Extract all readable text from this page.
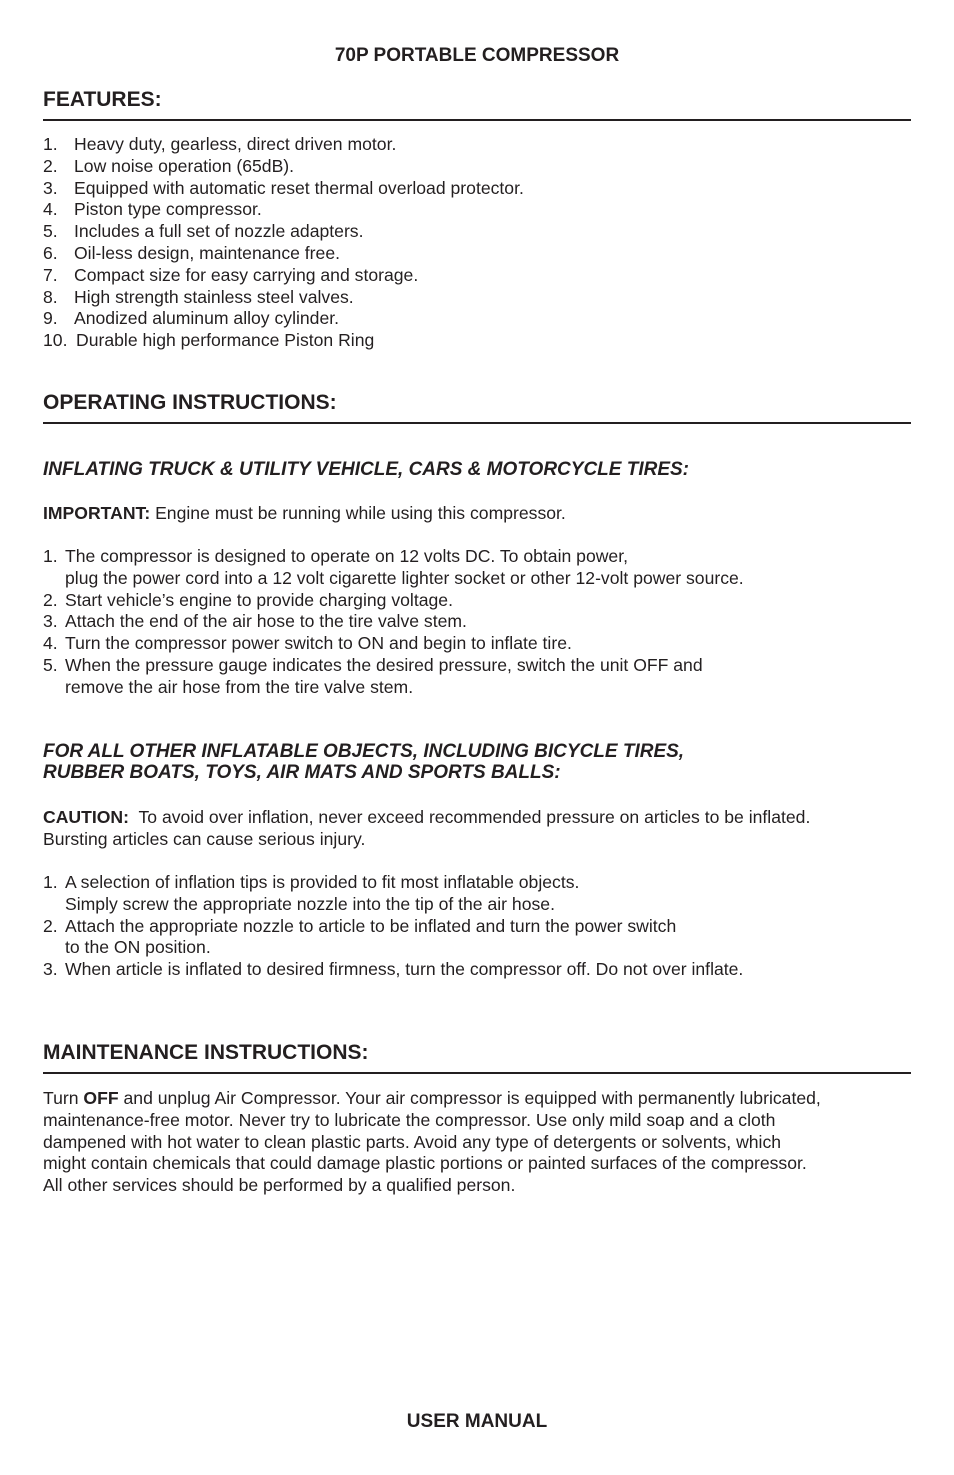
70P PORTABLE COMPRESSOR
FEATURES:
1. Heavy duty, gearless, direct driven motor.
2. Low noise operation (65dB).
3. Equipped with automatic reset thermal overload protector.
4. Piston type compressor.
5. Includes a full set of nozzle adapters.
6. Oil-less design, maintenance free.
7. Compact size for easy carrying and storage.
8. High strength stainless steel valves.
9. Anodized aluminum alloy cylinder.
10. Durable high performance Piston Ring
OPERATING INSTRUCTIONS:
INFLATING TRUCK & UTILITY VEHICLE, CARS & MOTORCYCLE TIRES:

IMPORTANT: Engine must be running while using this compressor.

1. The compressor is designed to operate on 12 volts DC. To obtain power,
plug the power cord into a 12 volt cigarette lighter socket or other 12-volt power source.
2. Start vehicle’s engine to provide charging voltage.
3. Attach the end of the air hose to the tire valve stem.
4. Turn the compressor power switch to ON and begin to inflate tire.
5. When the pressure gauge indicates the desired pressure, switch the unit OFF and
remove the air hose from the tire valve stem.
FOR ALL OTHER INFLATABLE OBJECTS, INCLUDING BICYCLE TIRES,
RUBBER BOATS, TOYS, AIR MATS AND SPORTS BALLS:

CAUTION:  To avoid over inflation, never exceed recommended pressure on articles to be inflated.
Bursting articles can cause serious injury.

1. A selection of inflation tips is provided to fit most inflatable objects.
Simply screw the appropriate nozzle into the tip of the air hose.
2. Attach the appropriate nozzle to article to be inflated and turn the power switch
to the ON position.
3. When article is inflated to desired firmness, turn the compressor off. Do not over inflate.
MAINTENANCE INSTRUCTIONS:

Turn OFF and unplug Air Compressor. Your air compressor is equipped with permanently lubricated,
maintenance-free motor. Never try to lubricate the compressor. Use only mild soap and a cloth
dampened with hot water to clean plastic parts. Avoid any type of detergents or solvents, which
might contain chemicals that could damage plastic portions or painted surfaces of the compressor.
All other services should be performed by a qualified person.

USER MANUAL
